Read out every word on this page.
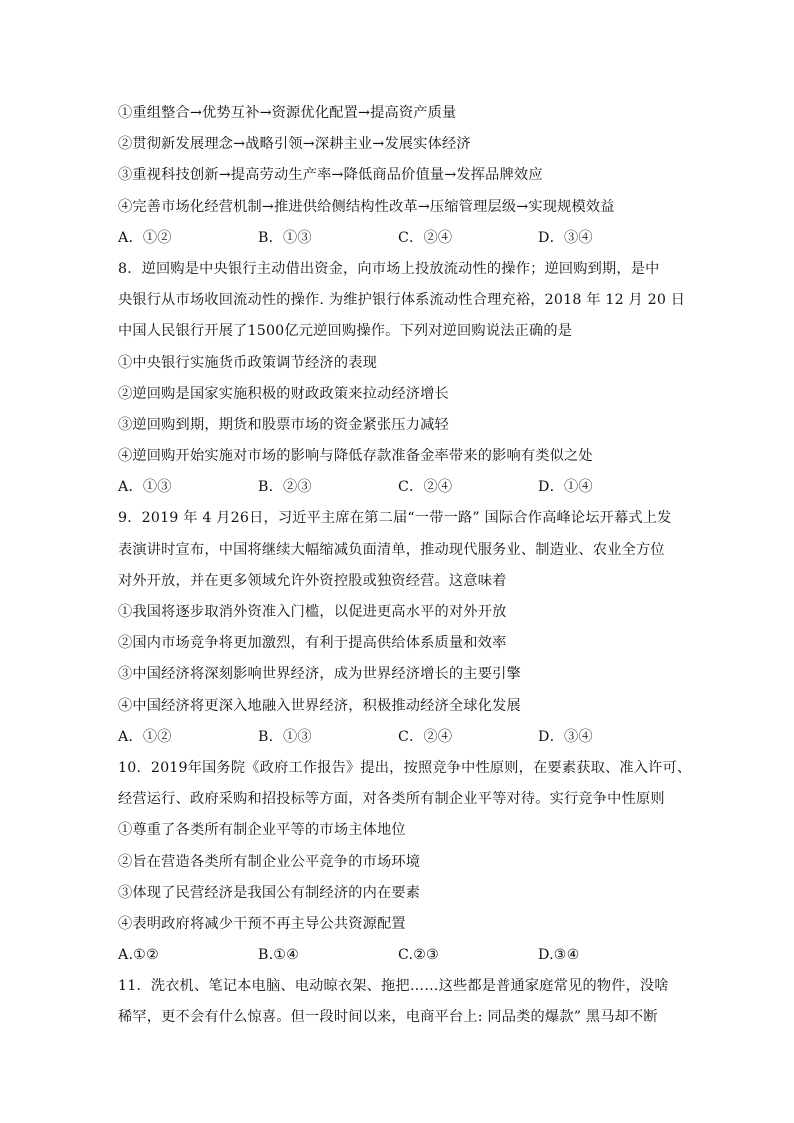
①重组整合→优势互补→资源优化配置→提高资产质量
②贯彻新发展理念→战略引领→深耕主业→发展实体经济
③重视科技创新→提高劳动生产率→降低商品价值量→发挥品牌效应
④完善市场化经营机制→推进供给侧结构性改革→压缩管理层级→实现规模效益
A．①②	B．①③	C．②④	D．③④
8．逆回购是中央银行主动借出资金，向市场上投放流动性的操作；逆回购到期，是中
央银行从市场收回流动性的操作. 为维护银行体系流动性合理充裕，2018 年 12 月 20 日
中国人民银行开展了1500亿元逆回购操作。下列对逆回购说法正确的是
①中央银行实施货币政策调节经济的表现
②逆回购是国家实施积极的财政政策来拉动经济增长
③逆回购到期，期货和股票市场的资金紧张压力减轻
④逆回购开始实施对市场的影响与降低存款准备金率带来的影响有类似之处
A．①③	B．②③	C．②④	D．①④
9．2019 年 4 月26日，习近平主席在第二届“一带一路” 国际合作高峰论坛开幕式上发
表演讲时宣布，中国将继续大幅缩减负面清单，推动现代服务业、制造业、农业全方位
对外开放，并在更多领域允许外资控股或独资经营。这意味着
①我国将逐步取消外资准入门槛，以促进更高水平的对外开放
②国内市场竞争将更加激烈，有利于提高供给体系质量和效率
③中国经济将深刻影响世界经济，成为世界经济增长的主要引擎
④中国经济将更深入地融入世界经济，积极推动经济全球化发展
A．①②	B．①③	C．②④	D．③④
10．2019年国务院《政府工作报告》提出，按照竞争中性原则，在要素获取、准入许可、
经营运行、政府采购和招投标等方面，对各类所有制企业平等对待。实行竞争中性原则
①尊重了各类所有制企业平等的市场主体地位
②旨在营造各类所有制企业公平竞争的市场环境
③体现了民营经济是我国公有制经济的内在要素
④表明政府将减少干预不再主导公共资源配置
A.①②	B.①④	C.②③	D.③④
11．洗衣机、笔记本电脑、电动晾衣架、拖把……这些都是普通家庭常见的物件，没啥
稀罕，更不会有什么惊喜。但一段时间以来，电商平台上: 同品类的爆款” 黑马却不断
